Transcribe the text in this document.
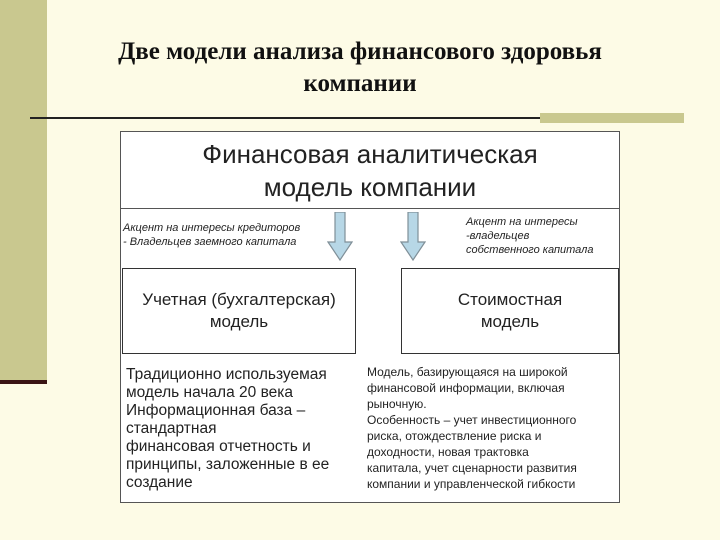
Две модели анализа финансового здоровья
компании
Финансовая аналитическая
модель компании
Акцент на интересы кредиторов
- Владельцев заемного капитала
Акцент на интересы
-владельцев
собственного капитала
Учетная (бухгалтерская)
модель
Стоимостная
модель
Традиционно используемая
модель начала 20 века
Информационная база –
стандартная
финансовая отчетность и
принципы, заложенные в ее
создание
Модель, базирующаяся на широкой
финансовой информации, включая
рыночную.
Особенность – учет инвестиционного
риска, отождествление риска и
доходности, новая трактовка
капитала, учет сценарности развития
компании и управленческой гибкости
